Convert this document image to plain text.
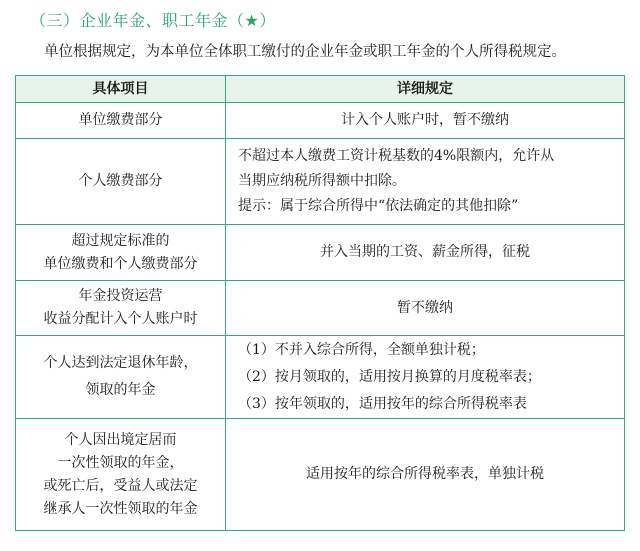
（三）企业年金、职工年金（★）
单位根据规定，为本单位全体职工缴付的企业年金或职工年金的个人所得税规定。
具体项目	详细规定

单位缴费部分	计入个人账户时，暂不缴纳

个人缴费部分	不超过本人缴费工资计税基数的4%限额内，允许从
当期应纳税所得额中扣除。
提示：属于综合所得中“依法确定的其他扣除”

超过规定标准的
单位缴费和个人缴费部分	并入当期的工资、薪金所得，征税

年金投资运营
收益分配计入个人账户时	暂不缴纳

个人达到法定退休年龄，
领取的年金	（1）不并入综合所得，全额单独计税；
（2）按月领取的，适用按月换算的月度税率表；
（3）按年领取的，适用按年的综合所得税率表

个人因出境定居而
一次性领取的年金，
或死亡后，受益人或法定
继承人一次性领取的年金	适用按年的综合所得税率表，单独计税
